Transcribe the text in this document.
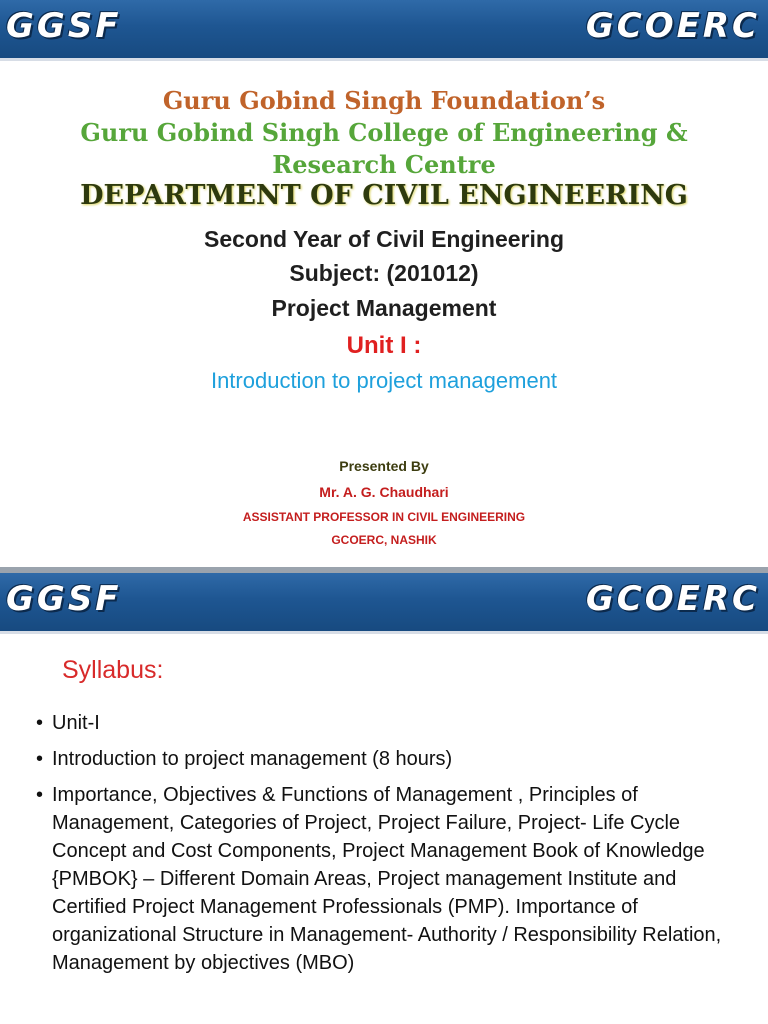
GGSF	GCOERC
Guru Gobind Singh Foundation’s
Guru Gobind Singh College of Engineering &
Research Centre
DEPARTMENT OF CIVIL ENGINEERING
Second Year of Civil Engineering
Subject: (201012)
Project Management
Unit I :
Introduction to project management
Presented By
Mr. A. G. Chaudhari
ASSISTANT PROFESSOR IN CIVIL ENGINEERING
GCOERC, NASHIK
GGSF	GCOERC
Syllabus:
• Unit-I
• Introduction to project management (8 hours)
• Importance, Objectives & Functions of Management , Principles of Management, Categories of Project, Project Failure, Project- Life Cycle Concept and Cost Components, Project Management Book of Knowledge {PMBOK} – Different Domain Areas, Project management Institute and Certified Project Management Professionals (PMP). Importance of organizational Structure in Management- Authority / Responsibility Relation, Management by objectives (MBO)
